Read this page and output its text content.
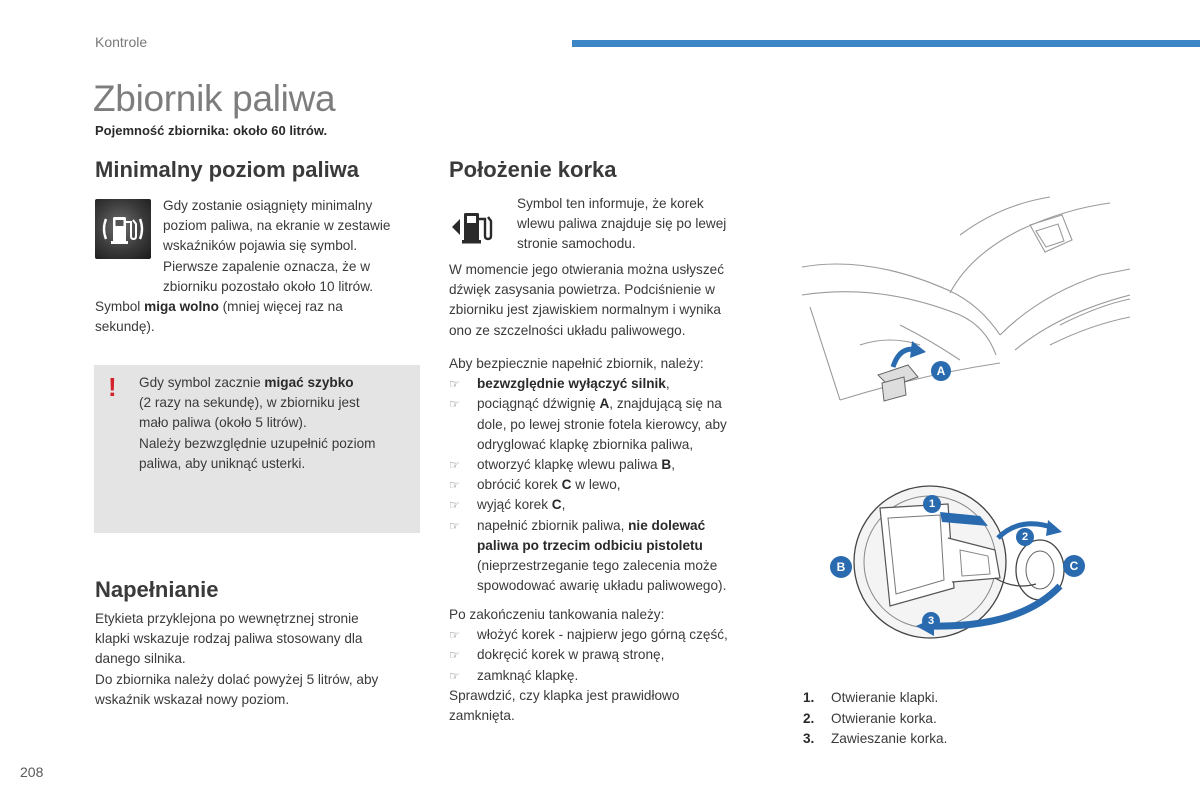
Kontrole
Zbiornik paliwa
Pojemność zbiornika: około 60 litrów.
Minimalny poziom paliwa
Gdy zostanie osiągnięty minimalny
poziom paliwa, na ekranie w zestawie
wskaźników pojawia się symbol.
Pierwsze zapalenie oznacza, że w
zbiorniku pozostało około 10 litrów.
Symbol miga wolno (mniej więcej raz na
sekundę).
! Gdy symbol zacznie migać szybko
(2 razy na sekundę), w zbiorniku jest
mało paliwa (około 5 litrów).
Należy bezwzględnie uzupełnić poziom
paliwa, aby uniknąć usterki.
Napełnianie
Etykieta przyklejona po wewnętrznej stronie
klapki wskazuje rodzaj paliwa stosowany dla
danego silnika.
Do zbiornika należy dolać powyżej 5 litrów, aby
wskaźnik wskazał nowy poziom.
Położenie korka
Symbol ten informuje, że korek
wlewu paliwa znajduje się po lewej
stronie samochodu.
W momencie jego otwierania można usłyszeć
dźwięk zasysania powietrza. Podciśnienie w
zbiorniku jest zjawiskiem normalnym i wynika
ono ze szczelności układu paliwowego.
Aby bezpiecznie napełnić zbiornik, należy:
☞	bezwzględnie wyłączyć silnik,
☞	pociągnąć dźwignię A, znajdującą się na
dole, po lewej stronie fotela kierowcy, aby
odryglować klapkę zbiornika paliwa,
☞	otworzyć klapkę wlewu paliwa B,
☞	obrócić korek C w lewo,
☞	wyjąć korek C,
☞	napełnić zbiornik paliwa, nie dolewać
paliwa po trzecim odbiciu pistoletu
(nieprzestrzeganie tego zalecenia może
spowodować awarię układu paliwowego).
Po zakończeniu tankowania należy:
☞	włożyć korek - najpierw jego górną część,
☞	dokręcić korek w prawą stronę,
☞	zamknąć klapkę.
Sprawdzić, czy klapka jest prawidłowo
zamknięta.
A
1
2
3
B	C
1.	Otwieranie klapki.
2.	Otwieranie korka.
3.	Zawieszanie korka.
208
